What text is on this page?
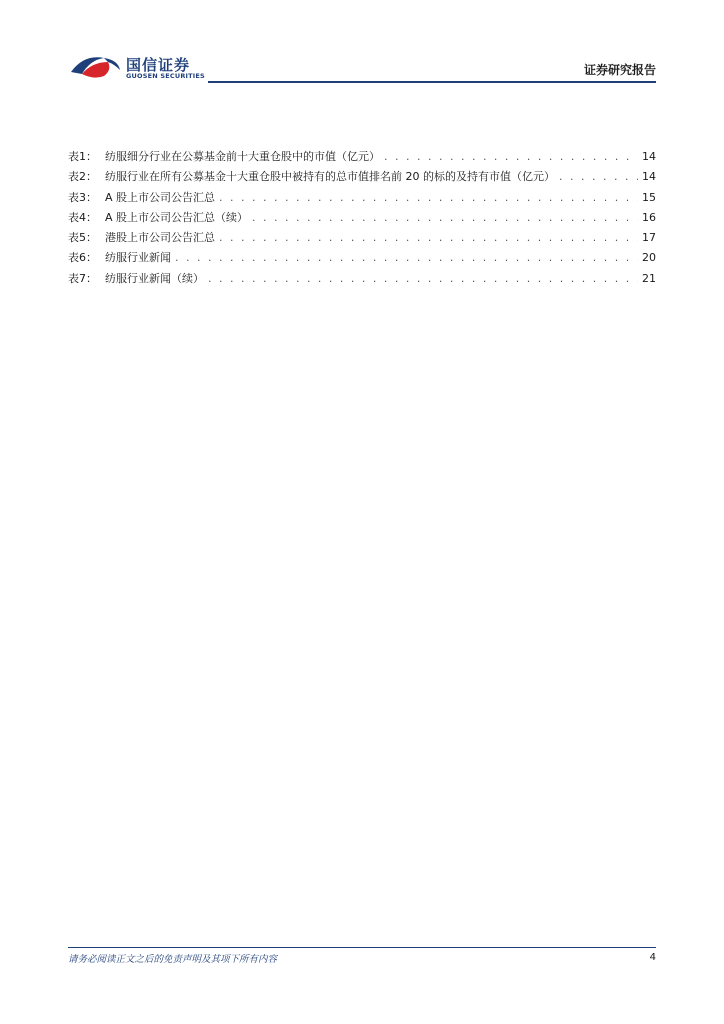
国信证券
GUOSEN SECURITIES	证券研究报告
表1： 纺服细分行业在公募基金前十大重仓股中的市值（亿元） . . .	14
表2： 纺服行业在所有公募基金十大重仓股中被持有的总市值排名前 20 的标的及持有市值（亿元） . . .	14
表3： A 股上市公司公告汇总 . . .	15
表4： A 股上市公司公告汇总（续） . . .	16
表5： 港股上市公司公告汇总 . . .	17
表6： 纺服行业新闻 . . .	20
表7： 纺服行业新闻（续） . . .	21
请务必阅读正文之后的免责声明及其项下所有内容	4
